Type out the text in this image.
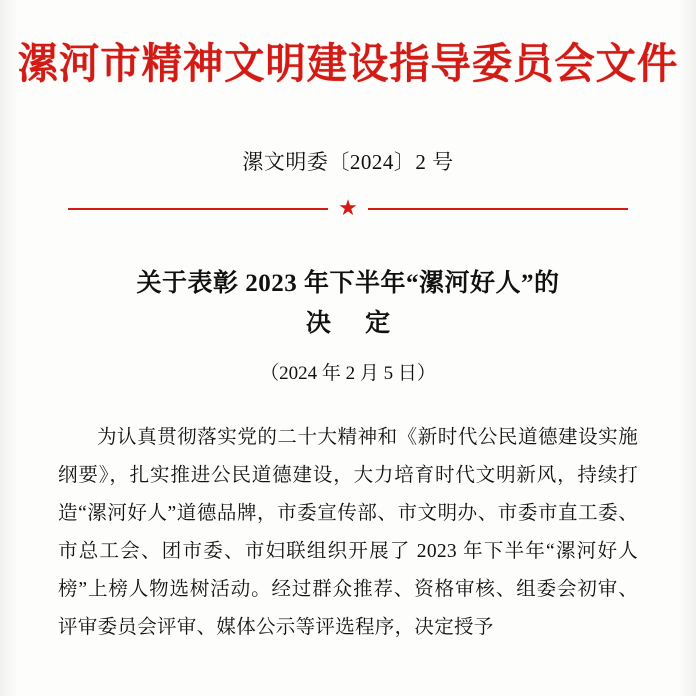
漯河市精神文明建设指导委员会文件
漯文明委〔2024〕2 号
★
关于表彰 2023 年下半年“漯河好人”的
决 定
（2024 年 2 月 5 日）

为认真贯彻落实党的二十大精神和《新时代公民道德建设实施纲要》，扎实推进公民道德建设，大力培育时代文明新风，持续打造“漯河好人”道德品牌，市委宣传部、市文明办、市委市直工委、市总工会、团市委、市妇联组织开展了 2023 年下半年“漯河好人榜”上榜人物选树活动。经过群众推荐、资格审核、组委会初审、评审委员会评审、媒体公示等评选程序，决定授予
